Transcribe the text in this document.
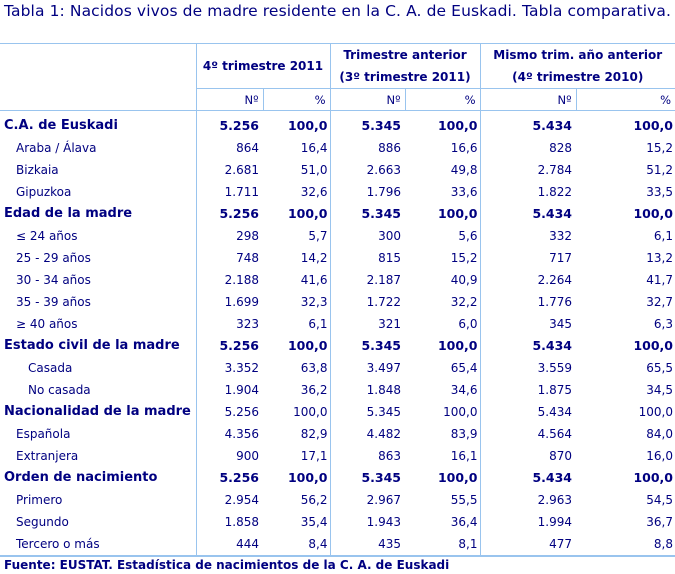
Tabla 1: Nacidos vivos de madre residente en la C. A. de Euskadi. Tabla comparativa.

4º trimestre 2011

Trimestre anterior
(3º trimestre 2011)

Mismo trim. año anterior
(4º trimestre 2010)

	Nº	%	Nº	%	Nº	%
C.A. de Euskadi	5.256	100,0	5.345	100,0	5.434	100,0
Araba / Álava	864	16,4	886	16,6	828	15,2
Bizkaia	2.681	51,0	2.663	49,8	2.784	51,2
Gipuzkoa	1.711	32,6	1.796	33,6	1.822	33,5
Edad de la madre	5.256	100,0	5.345	100,0	5.434	100,0
≤ 24 años	298	5,7	300	5,6	332	6,1
25 - 29 años	748	14,2	815	15,2	717	13,2
30 - 34 años	2.188	41,6	2.187	40,9	2.264	41,7
35 - 39 años	1.699	32,3	1.722	32,2	1.776	32,7
≥ 40 años	323	6,1	321	6,0	345	6,3
Estado civil de la madre	5.256	100,0	5.345	100,0	5.434	100,0
Casada	3.352	63,8	3.497	65,4	3.559	65,5
No casada	1.904	36,2	1.848	34,6	1.875	34,5
Nacionalidad de la madre	5.256	100,0	5.345	100,0	5.434	100,0
Española	4.356	82,9	4.482	83,9	4.564	84,0
Extranjera	900	17,1	863	16,1	870	16,0
Orden de nacimiento	5.256	100,0	5.345	100,0	5.434	100,0
Primero	2.954	56,2	2.967	55,5	2.963	54,5
Segundo	1.858	35,4	1.943	36,4	1.994	36,7
Tercero o más	444	8,4	435	8,1	477	8,8
Fuente: EUSTAT. Estadística de nacimientos de la C. A. de Euskadi
